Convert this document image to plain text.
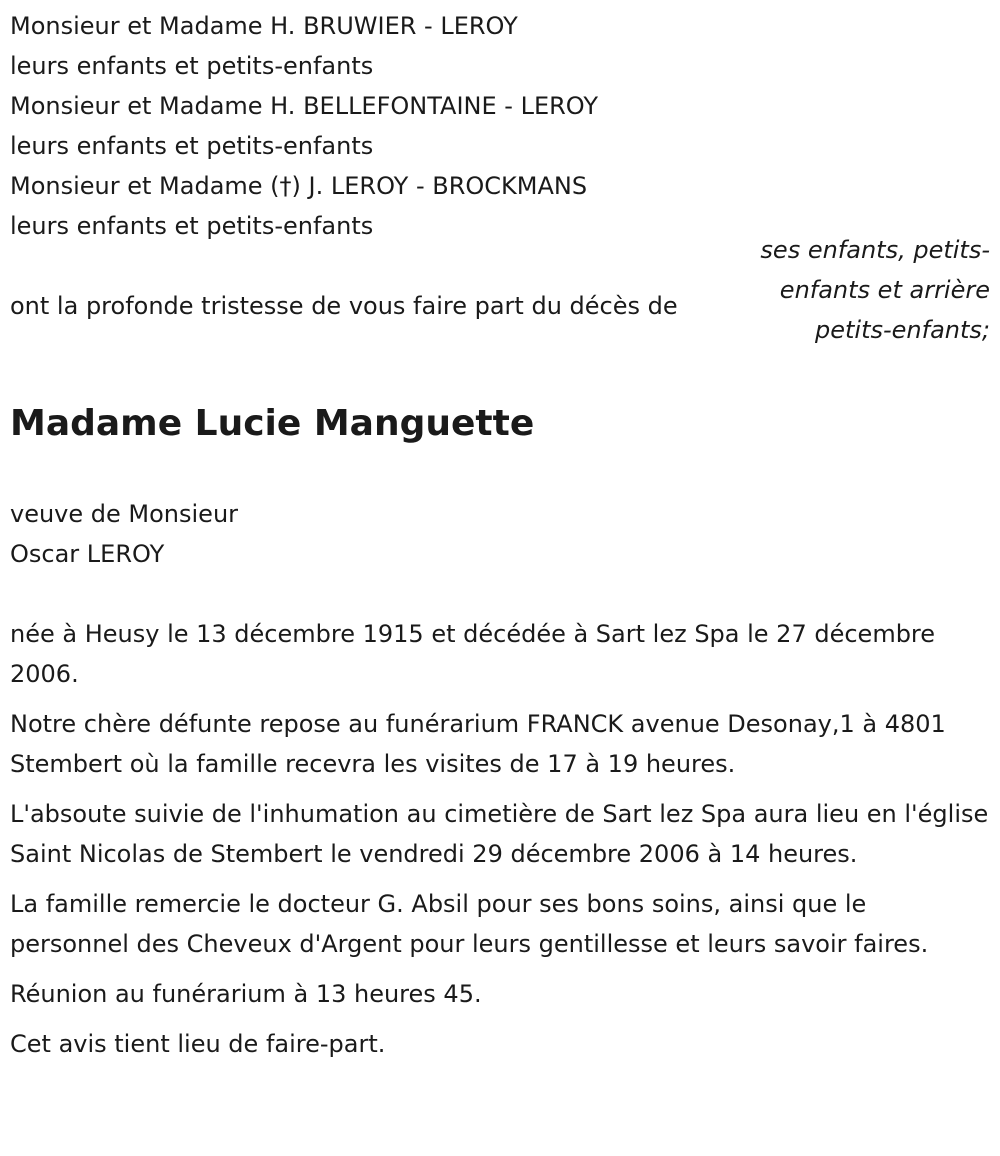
Monsieur et Madame H. BRUWIER - LEROY
leurs enfants et petits-enfants
Monsieur et Madame H. BELLEFONTAINE - LEROY
leurs enfants et petits-enfants
Monsieur et Madame (†) J. LEROY - BROCKMANS
leurs enfants et petits-enfants
ses enfants, petits-
enfants et arrière
petits-enfants;
ont la profonde tristesse de vous faire part du décès de
Madame Lucie Manguette
veuve de Monsieur
Oscar LEROY

née à Heusy le 13 décembre 1915 et décédée à Sart lez Spa le 27 décembre 2006.

Notre chère défunte repose au funérarium FRANCK avenue Desonay,1 à 4801 Stembert où la famille recevra les visites de 17 à 19 heures.

L'absoute suivie de l'inhumation au cimetière de Sart lez Spa aura lieu en l'église Saint Nicolas de Stembert le vendredi 29 décembre 2006 à 14 heures.

La famille remercie le docteur G. Absil pour ses bons soins, ainsi que le personnel des Cheveux d'Argent pour leurs gentillesse et leurs savoir faires.

Réunion au funérarium à 13 heures 45.

Cet avis tient lieu de faire-part.
